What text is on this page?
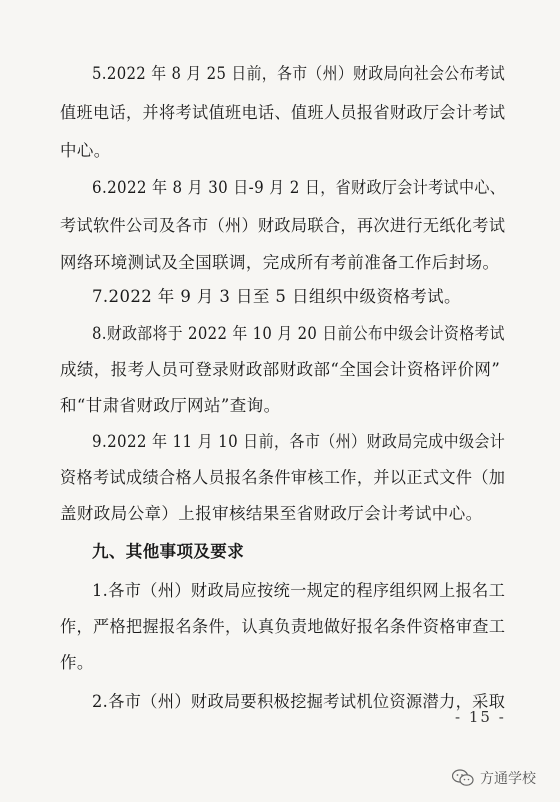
5.2022 年 8 月 25 日前，各市（州）财政局向社会公布考试
值班电话，并将考试值班电话、值班人员报省财政厅会计考试
中心。
6.2022 年 8 月 30 日-9 月 2 日，省财政厅会计考试中心、
考试软件公司及各市（州）财政局联合，再次进行无纸化考试
网络环境测试及全国联调，完成所有考前准备工作后封场。
7.2022 年 9 月 3 日至 5 日组织中级资格考试。
8.财政部将于 2022 年 10 月 20 日前公布中级会计资格考试
成绩，报考人员可登录财政部财政部“全国会计资格评价网”
和“甘肃省财政厅网站”查询。
9.2022 年 11 月 10 日前，各市（州）财政局完成中级会计
资格考试成绩合格人员报名条件审核工作，并以正式文件（加
盖财政局公章）上报审核结果至省财政厅会计考试中心。
九、其他事项及要求
1.各市（州）财政局应按统一规定的程序组织网上报名工
作，严格把握报名条件，认真负责地做好报名条件资格审查工
作。
2.各市（州）财政局要积极挖掘考试机位资源潜力，采取
- 15 -
方通学校
